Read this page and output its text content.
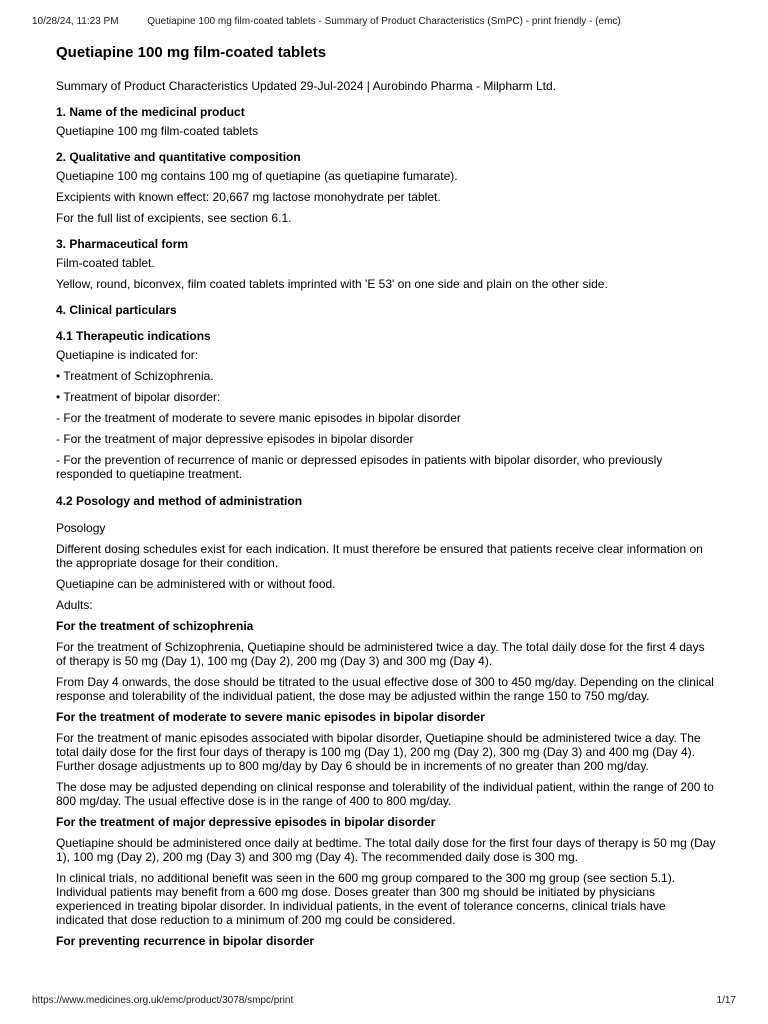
10/28/24, 11:23 PM	Quetiapine 100 mg film-coated tablets - Summary of Product Characteristics (SmPC) - print friendly - (emc)
Quetiapine 100 mg film-coated tablets

Summary of Product Characteristics Updated 29-Jul-2024 | Aurobindo Pharma - Milpharm Ltd.

1. Name of the medicinal product

Quetiapine 100 mg film-coated tablets

2. Qualitative and quantitative composition

Quetiapine 100 mg contains 100 mg of quetiapine (as quetiapine fumarate).

Excipients with known effect: 20,667 mg lactose monohydrate per tablet.

For the full list of excipients, see section 6.1.

3. Pharmaceutical form

Film-coated tablet.

Yellow, round, biconvex, film coated tablets imprinted with 'E 53' on one side and plain on the other side.

4. Clinical particulars
4.1 Therapeutic indications

Quetiapine is indicated for:

• Treatment of Schizophrenia.

• Treatment of bipolar disorder:

- For the treatment of moderate to severe manic episodes in bipolar disorder

- For the treatment of major depressive episodes in bipolar disorder

- For the prevention of recurrence of manic or depressed episodes in patients with bipolar disorder, who previously responded to quetiapine treatment.

4.2 Posology and method of administration

Posology

Different dosing schedules exist for each indication. It must therefore be ensured that patients receive clear information on the appropriate dosage for their condition.

Quetiapine can be administered with or without food.

Adults:

For the treatment of schizophrenia

For the treatment of Schizophrenia, Quetiapine should be administered twice a day. The total daily dose for the first 4 days of therapy is 50 mg (Day 1), 100 mg (Day 2), 200 mg (Day 3) and 300 mg (Day 4).

From Day 4 onwards, the dose should be titrated to the usual effective dose of 300 to 450 mg/day. Depending on the clinical response and tolerability of the individual patient, the dose may be adjusted within the range 150 to 750 mg/day.

For the treatment of moderate to severe manic episodes in bipolar disorder

For the treatment of manic episodes associated with bipolar disorder, Quetiapine should be administered twice a day. The total daily dose for the first four days of therapy is 100 mg (Day 1), 200 mg (Day 2), 300 mg (Day 3) and 400 mg (Day 4). Further dosage adjustments up to 800 mg/day by Day 6 should be in increments of no greater than 200 mg/day.

The dose may be adjusted depending on clinical response and tolerability of the individual patient, within the range of 200 to 800 mg/day. The usual effective dose is in the range of 400 to 800 mg/day.

For the treatment of major depressive episodes in bipolar disorder

Quetiapine should be administered once daily at bedtime. The total daily dose for the first four days of therapy is 50 mg (Day 1), 100 mg (Day 2), 200 mg (Day 3) and 300 mg (Day 4). The recommended daily dose is 300 mg.

In clinical trials, no additional benefit was seen in the 600 mg group compared to the 300 mg group (see section 5.1). Individual patients may benefit from a 600 mg dose. Doses greater than 300 mg should be initiated by physicians experienced in treating bipolar disorder. In individual patients, in the event of tolerance concerns, clinical trials have indicated that dose reduction to a minimum of 200 mg could be considered.

For preventing recurrence in bipolar disorder

https://www.medicines.org.uk/emc/product/3078/smpc/print	1/17
